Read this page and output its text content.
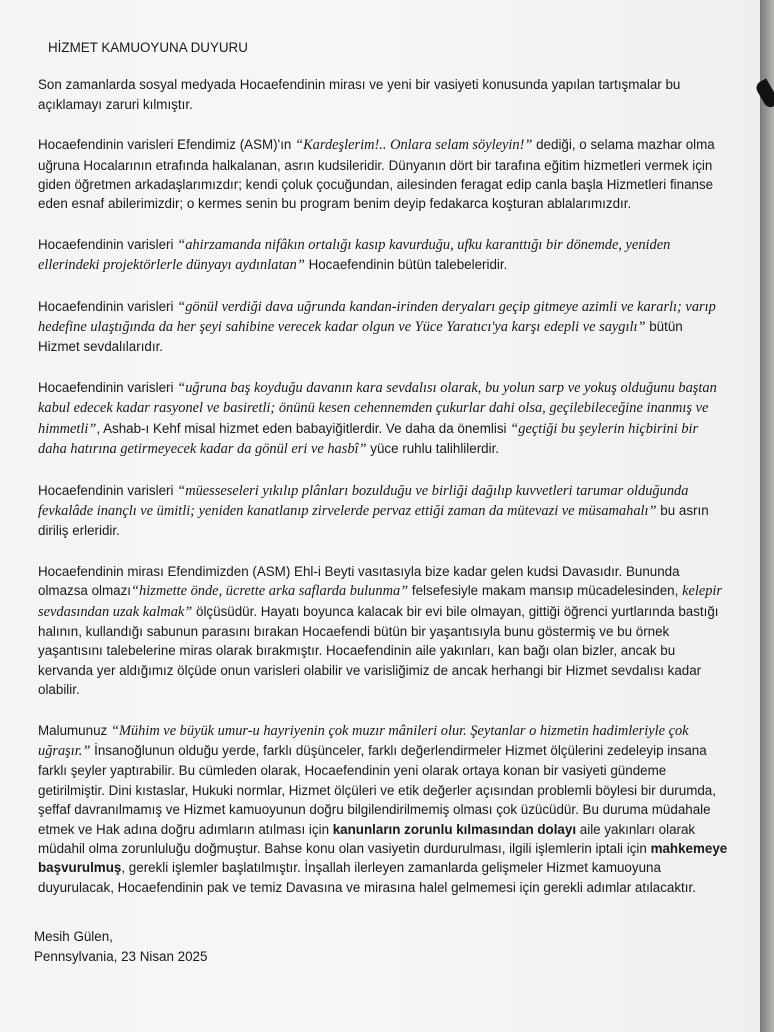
HİZMET KAMUOYUNA DUYURU

Son zamanlarda sosyal medyada Hocaefendinin mirası ve yeni bir vasiyeti konusunda yapılan tartışmalar bu açıklamayı zaruri kılmıştır.

Hocaefendinin varisleri Efendimiz (ASM)'ın “Kardeşlerim!.. Onlara selam söyleyin!” dediği, o selama mazhar olma uğruna Hocalarının etrafında halkalanan, asrın kudsileridir. Dünyanın dört bir tarafına eğitim hizmetleri vermek için giden öğretmen arkadaşlarımızdır; kendi çoluk çocuğundan, ailesinden feragat edip canla başla Hizmetleri finanse eden esnaf abilerimizdir; o kermes senin bu program benim deyip fedakarca koşturan ablalarımızdır.

Hocaefendinin varisleri “ahirzamanda nifâkın ortalığı kasıp kavurduğu, ufku karanttığı bir dönemde, yeniden ellerindeki projektörlerle dünyayı aydınlatan” Hocaefendinin bütün talebeleridir.

Hocaefendinin varisleri “gönül verdiği dava uğrunda kandan-irinden deryaları geçip gitmeye azimli ve kararlı; varıp hedefine ulaştığında da her şeyi sahibine verecek kadar olgun ve Yüce Yaratıcı'ya karşı edepli ve saygılı” bütün Hizmet sevdalılarıdır.

Hocaefendinin varisleri “uğruna baş koyduğu davanın kara sevdalısı olarak, bu yolun sarp ve yokuş olduğunu baştan kabul edecek kadar rasyonel ve basiretli; önünü kesen cehennemden çukurlar dahi olsa, geçilebileceğine inanmış ve himmetli”, Ashab-ı Kehf misal hizmet eden babayiğitlerdir. Ve daha da önemlisi “geçtiği bu şeylerin hiçbirini bir daha hatırına getirmeyecek kadar da gönül eri ve hasbî” yüce ruhlu talihlilerdir.

Hocaefendinin varisleri “müesseseleri yıkılıp plânları bozulduğu ve birliği dağılıp kuvvetleri tarumar olduğunda fevkalâde inançlı ve ümitli; yeniden kanatlanıp zirvelerde pervaz ettiği zaman da mütevazi ve müsamahalı” bu asrın diriliş erleridir.

Hocaefendinin mirası Efendimizden (ASM) Ehl-i Beyti vasıtasıyla bize kadar gelen kudsi Davasıdır. Bununda olmazsa olmazı“hizmette önde, ücrette arka saflarda bulunma” felsefesiyle makam mansıp mücadelesinden, kelepir sevdasından uzak kalmak” ölçüsüdür. Hayatı boyunca kalacak bir evi bile olmayan, gittiği öğrenci yurtlarında bastığı halının, kullandığı sabunun parasını bırakan Hocaefendi bütün bir yaşantısıyla bunu göstermiş ve bu örnek yaşantısını talebelerine miras olarak bırakmıştır. Hocaefendinin aile yakınları, kan bağı olan bizler, ancak bu kervanda yer aldığımız ölçüde onun varisleri olabilir ve varisliğimiz de ancak herhangi bir Hizmet sevdalısı kadar olabilir.

Malumunuz “Mühim ve büyük umur-u hayriyenin çok muzır mânileri olur. Şeytanlar o hizmetin hadimleriyle çok uğraşır.” İnsanoğlunun olduğu yerde, farklı düşünceler, farklı değerlendirmeler Hizmet ölçülerini zedeleyip insana farklı şeyler yaptırabilir. Bu cümleden olarak, Hocaefendinin yeni olarak ortaya konan bir vasiyeti gündeme getirilmiştir. Dini kıstaslar, Hukuki normlar, Hizmet ölçüleri ve etik değerler açısından problemli böylesi bir durumda, şeffaf davranılmamış ve Hizmet kamuoyunun doğru bilgilendirilmemiş olması çok üzücüdür. Bu duruma müdahale etmek ve Hak adına doğru adımların atılması için kanunların zorunlu kılmasından dolayı aile yakınları olarak müdahil olma zorunluluğu doğmuştur. Bahse konu olan vasiyetin durdurulması, ilgili işlemlerin iptali için mahkemeye başvurulmuş, gerekli işlemler başlatılmıştır. İnşallah ilerleyen zamanlarda gelişmeler Hizmet kamuoyuna duyurulacak, Hocaefendinin pak ve temiz Davasına ve mirasına halel gelmemesi için gerekli adımlar atılacaktır.

Mesih Gülen,
Pennsylvania, 23 Nisan 2025
